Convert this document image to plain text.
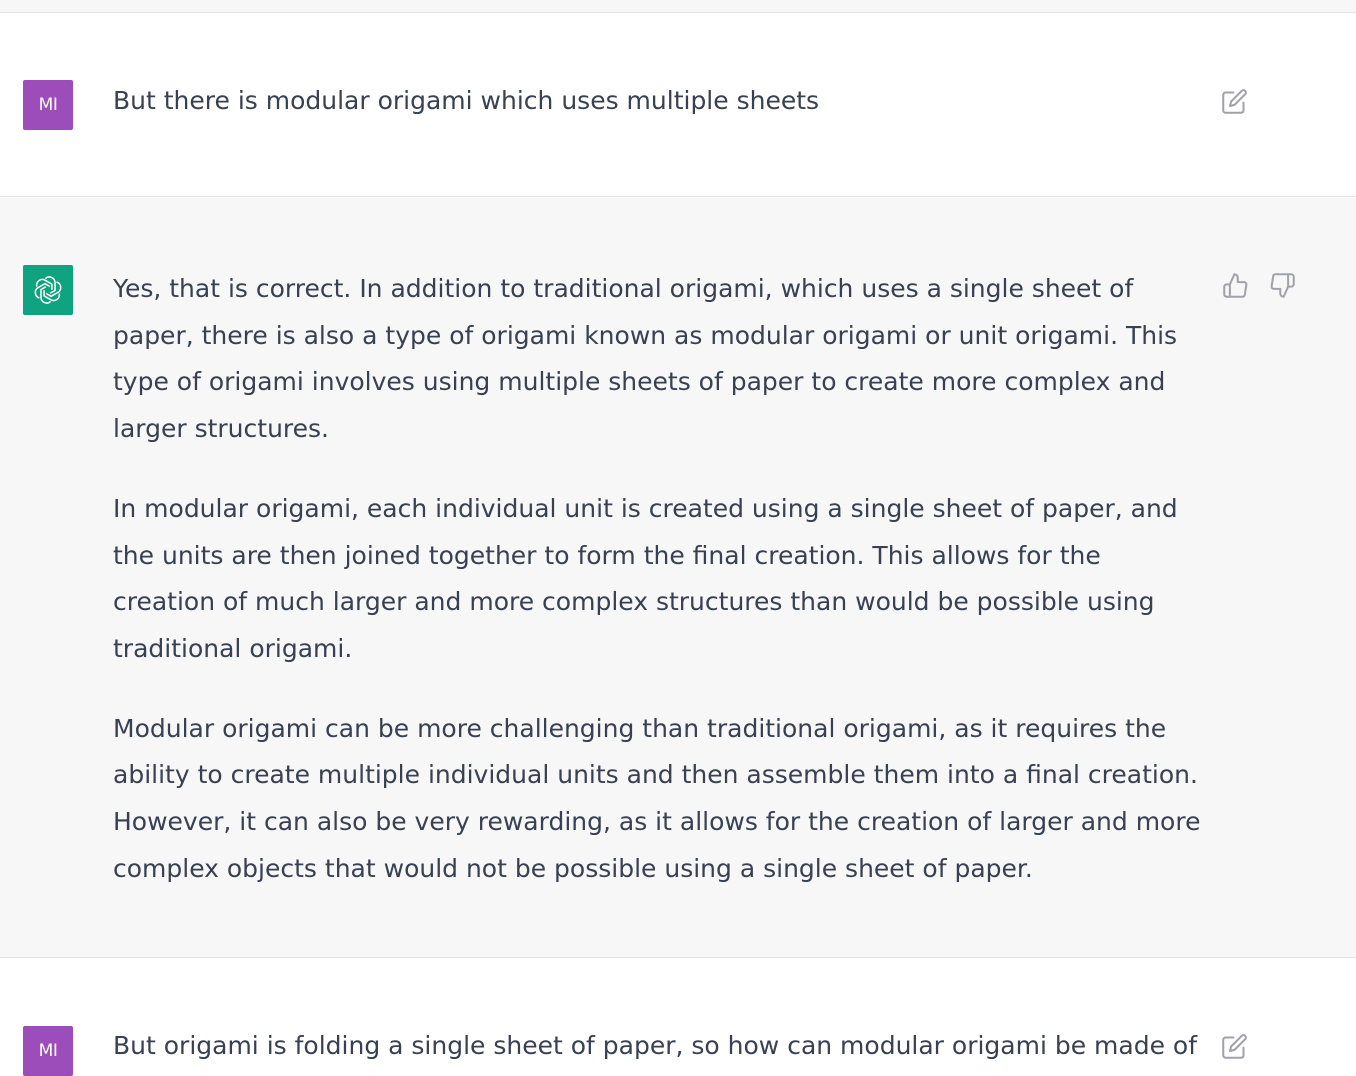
MI But there is modular origami which uses multiple sheets

Yes, that is correct. In addition to traditional origami, which uses a single sheet of paper, there is also a type of origami known as modular origami or unit origami. This type of origami involves using multiple sheets of paper to create more complex and larger structures.

In modular origami, each individual unit is created using a single sheet of paper, and the units are then joined together to form the final creation. This allows for the creation of much larger and more complex structures than would be possible using traditional origami.

Modular origami can be more challenging than traditional origami, as it requires the ability to create multiple individual units and then assemble them into a final creation. However, it can also be very rewarding, as it allows for the creation of larger and more complex objects that would not be possible using a single sheet of paper.

MI But origami is folding a single sheet of paper, so how can modular origami be made of
